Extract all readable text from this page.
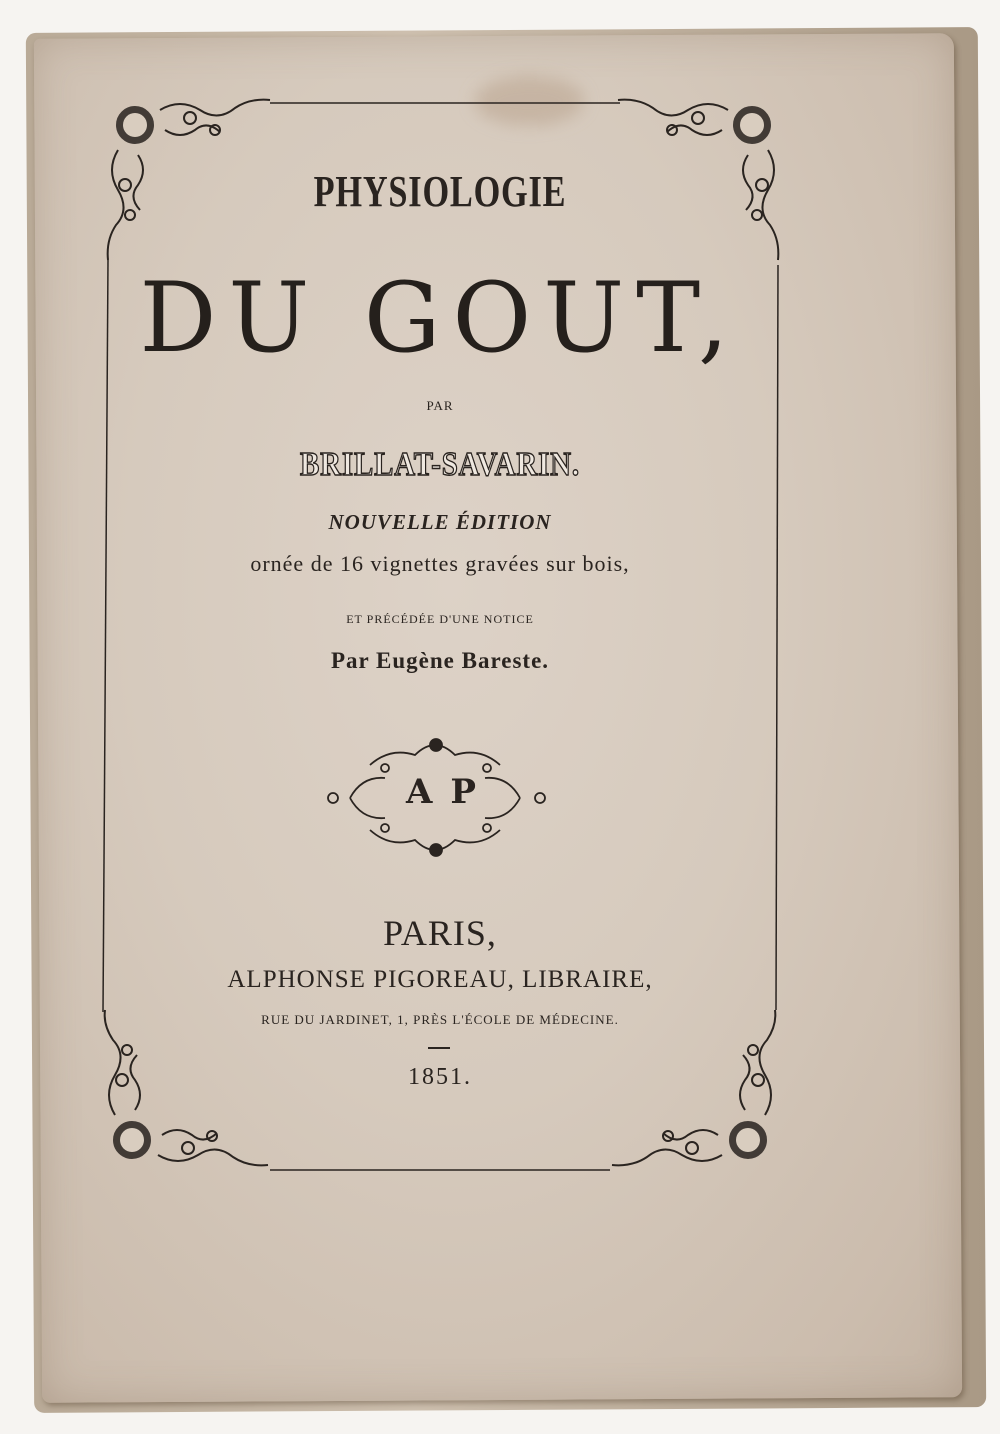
PHYSIOLOGIE

DU GOUT,

PAR

BRILLAT-SAVARIN.

NOUVELLE ÉDITION

ornée de 16 vignettes gravées sur bois,

ET PRÉCÉDÉE D'UNE NOTICE

Par Eugène Bareste.

AP

PARIS,

ALPHONSE PIGOREAU, LIBRAIRE,

RUE DU JARDINET, 1, PRÈS L'ÉCOLE DE MÉDECINE.

1851.
